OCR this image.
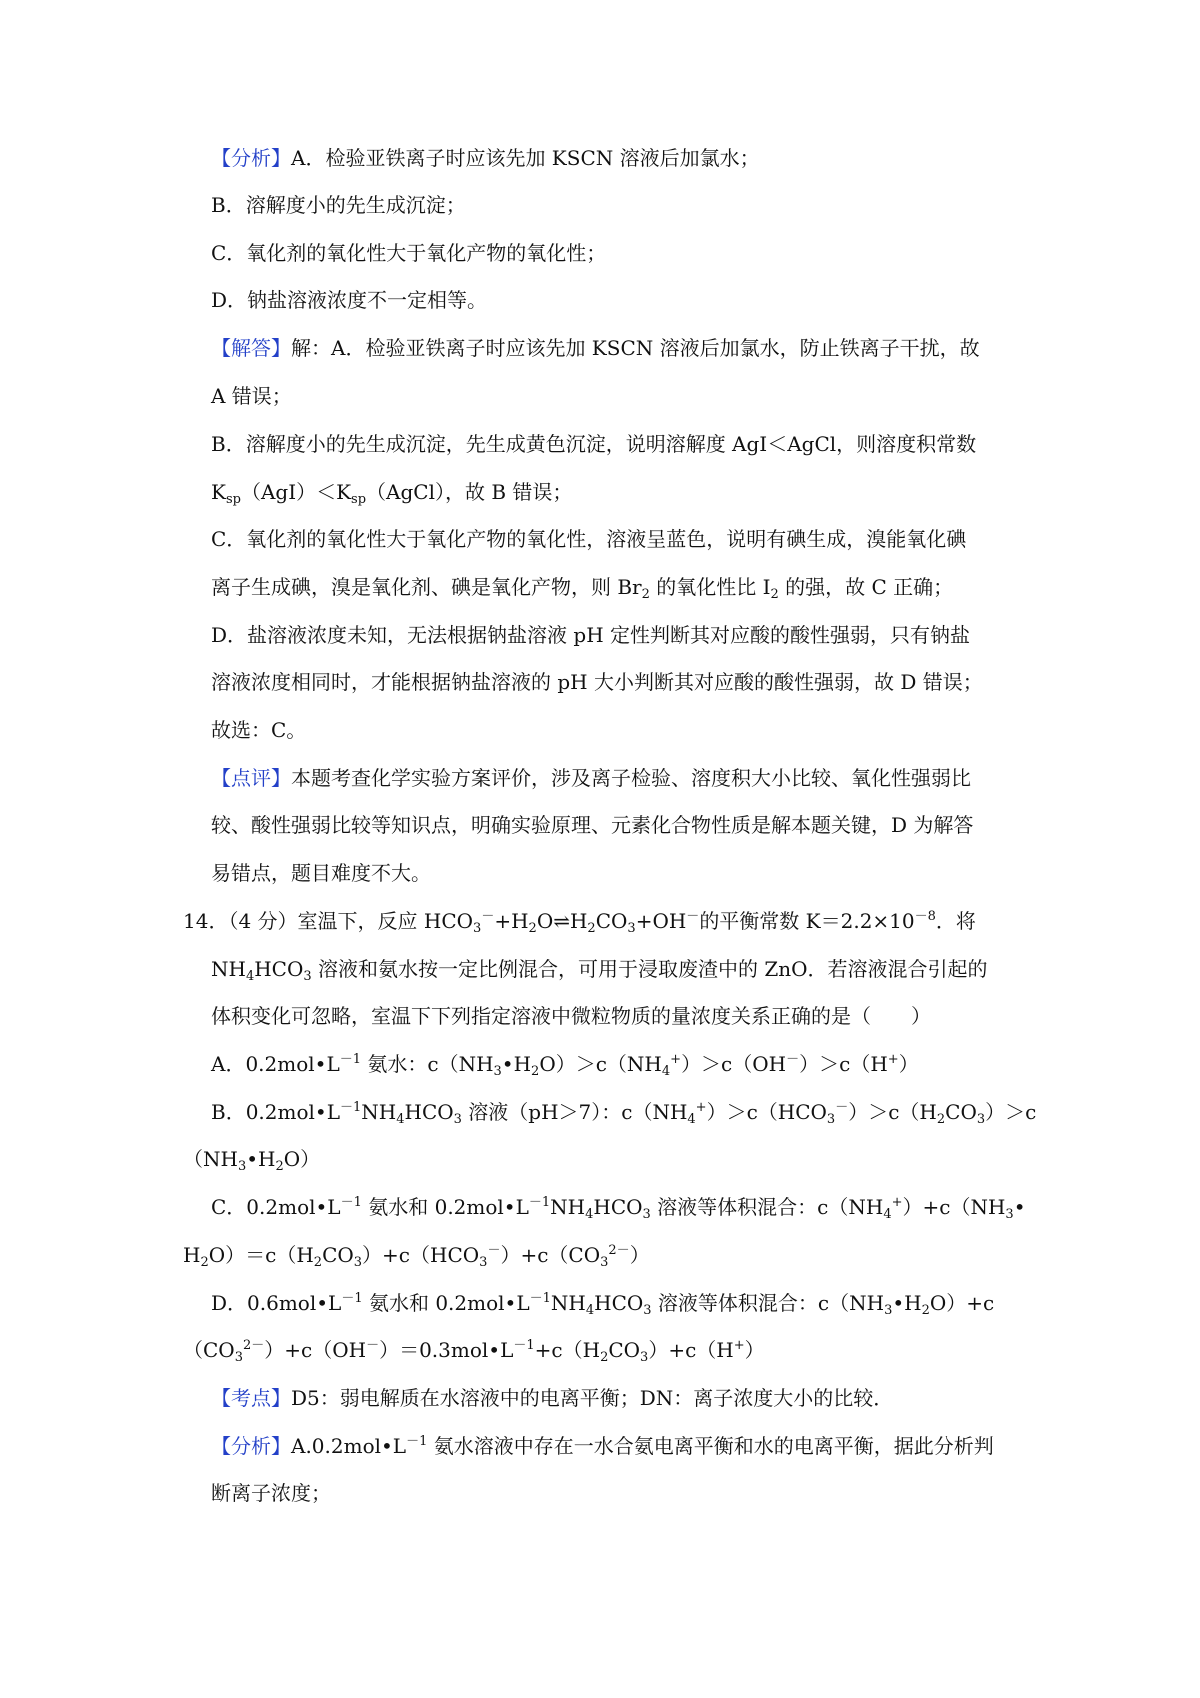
【分析】A．检验亚铁离子时应该先加 KSCN 溶液后加氯水；
B．溶解度小的先生成沉淀；
C．氧化剂的氧化性大于氧化产物的氧化性；
D．钠盐溶液浓度不一定相等。
【解答】解：A．检验亚铁离子时应该先加 KSCN 溶液后加氯水，防止铁离子干扰，故
A 错误；
B．溶解度小的先生成沉淀，先生成黄色沉淀，说明溶解度 AgI＜AgCl，则溶度积常数
$K_{sp}(AgI)<K_{sp}(AgCl)$，故 B 错误；
C．氧化剂的氧化性大于氧化产物的氧化性，溶液呈蓝色，说明有碘生成，溴能氧化碘
离子生成碘，溴是氧化剂、碘是氧化产物，则 $Br_2$ 的氧化性比 $I_2$ 的强，故 C 正确；
D．盐溶液浓度未知，无法根据钠盐溶液 pH 定性判断其对应酸的酸性强弱，只有钠盐
溶液浓度相同时，才能根据钠盐溶液的 pH 大小判断其对应酸的酸性强弱，故 D 错误；
故选：C。
【点评】本题考查化学实验方案评价，涉及离子检验、溶度积大小比较、氧化性强弱比
较、酸性强弱比较等知识点，明确实验原理、元素化合物性质是解本题关键，D 为解答
易错点，题目难度不大。
14．（4 分）室温下，反应 $HCO_3^-+H_2O\rightleftharpoons H_2CO_3+OH^-$的平衡常数 $K=2.2\times 10^{-8}$．将
$NH_4HCO_3$ 溶液和氨水按一定比例混合，可用于浸取废渣中的 ZnO．若溶液混合引起的
体积变化可忽略，室温下下列指定溶液中微粒物质的量浓度关系正确的是（　　）
A．$0.2mol•L^{-1}$ 氨水：$c(NH_3•H_2O)>c(NH_4^+)>c(OH^-)>c(H^+)$
B．$0.2mol•L^{-1}NH_4HCO_3$ 溶液（pH＞7）：$c(NH_4^+)>c(HCO_3^-)>c(H_2CO_3)>c$
$(NH_3•H_2O)$
C．$0.2mol•L^{-1}$ 氨水和 $0.2mol•L^{-1}NH_4HCO_3$ 溶液等体积混合：$c(NH_4^+)+c(NH_3•$
$H_2O)=c(H_2CO_3)+c(HCO_3^-)+c(CO_3^{2-})$
D．$0.6mol•L^{-1}$ 氨水和 $0.2mol•L^{-1}NH_4HCO_3$ 溶液等体积混合：$c(NH_3•H_2O)+c$
$(CO_3^{2-})+c(OH^-)=0.3mol•L^{-1}+c(H_2CO_3)+c(H^+)$
【考点】D5：弱电解质在水溶液中的电离平衡；DN：离子浓度大小的比较．
【分析】$A.0.2mol•L^{-1}$ 氨水溶液中存在一水合氨电离平衡和水的电离平衡，据此分析判
断离子浓度；
